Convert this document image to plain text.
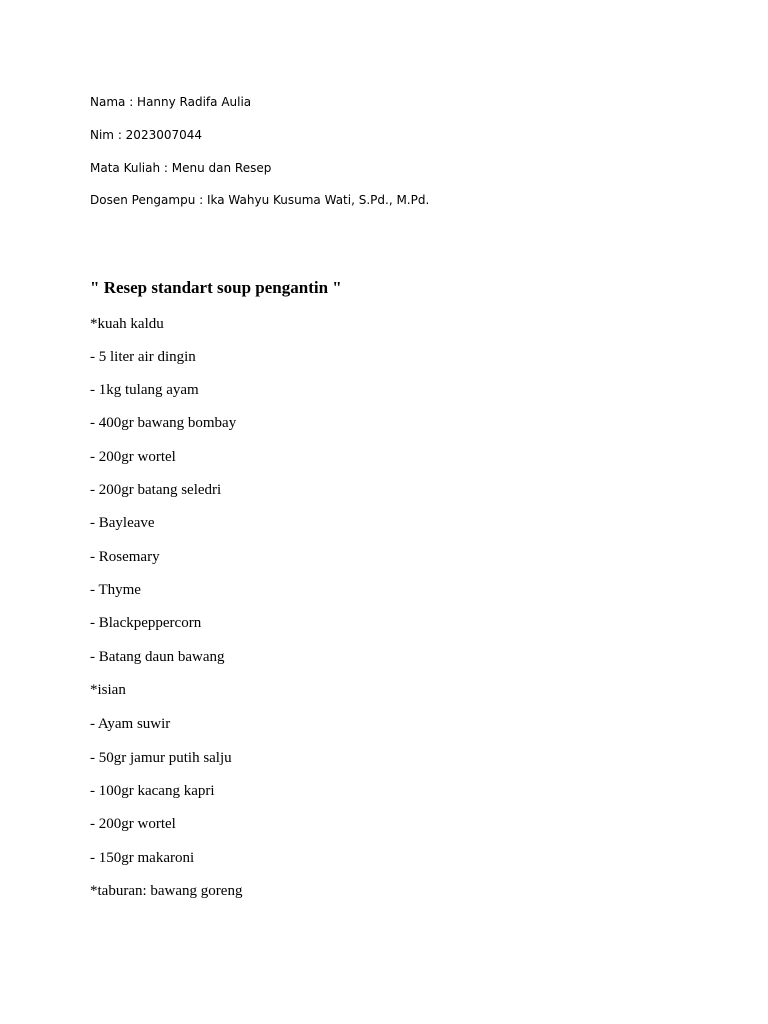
Nama : Hanny Radifa Aulia
Nim : 2023007044
Mata Kuliah : Menu dan Resep
Dosen Pengampu : Ika Wahyu Kusuma Wati, S.Pd., M.Pd.
" Resep standart soup pengantin "
*kuah kaldu
- 5 liter air dingin
- 1kg tulang ayam
- 400gr bawang bombay
- 200gr wortel
- 200gr batang seledri
- Bayleave
- Rosemary
- Thyme
- Blackpeppercorn
- Batang daun bawang
*isian
- Ayam suwir
- 50gr jamur putih salju
- 100gr kacang kapri
- 200gr wortel
- 150gr makaroni
*taburan: bawang goreng
